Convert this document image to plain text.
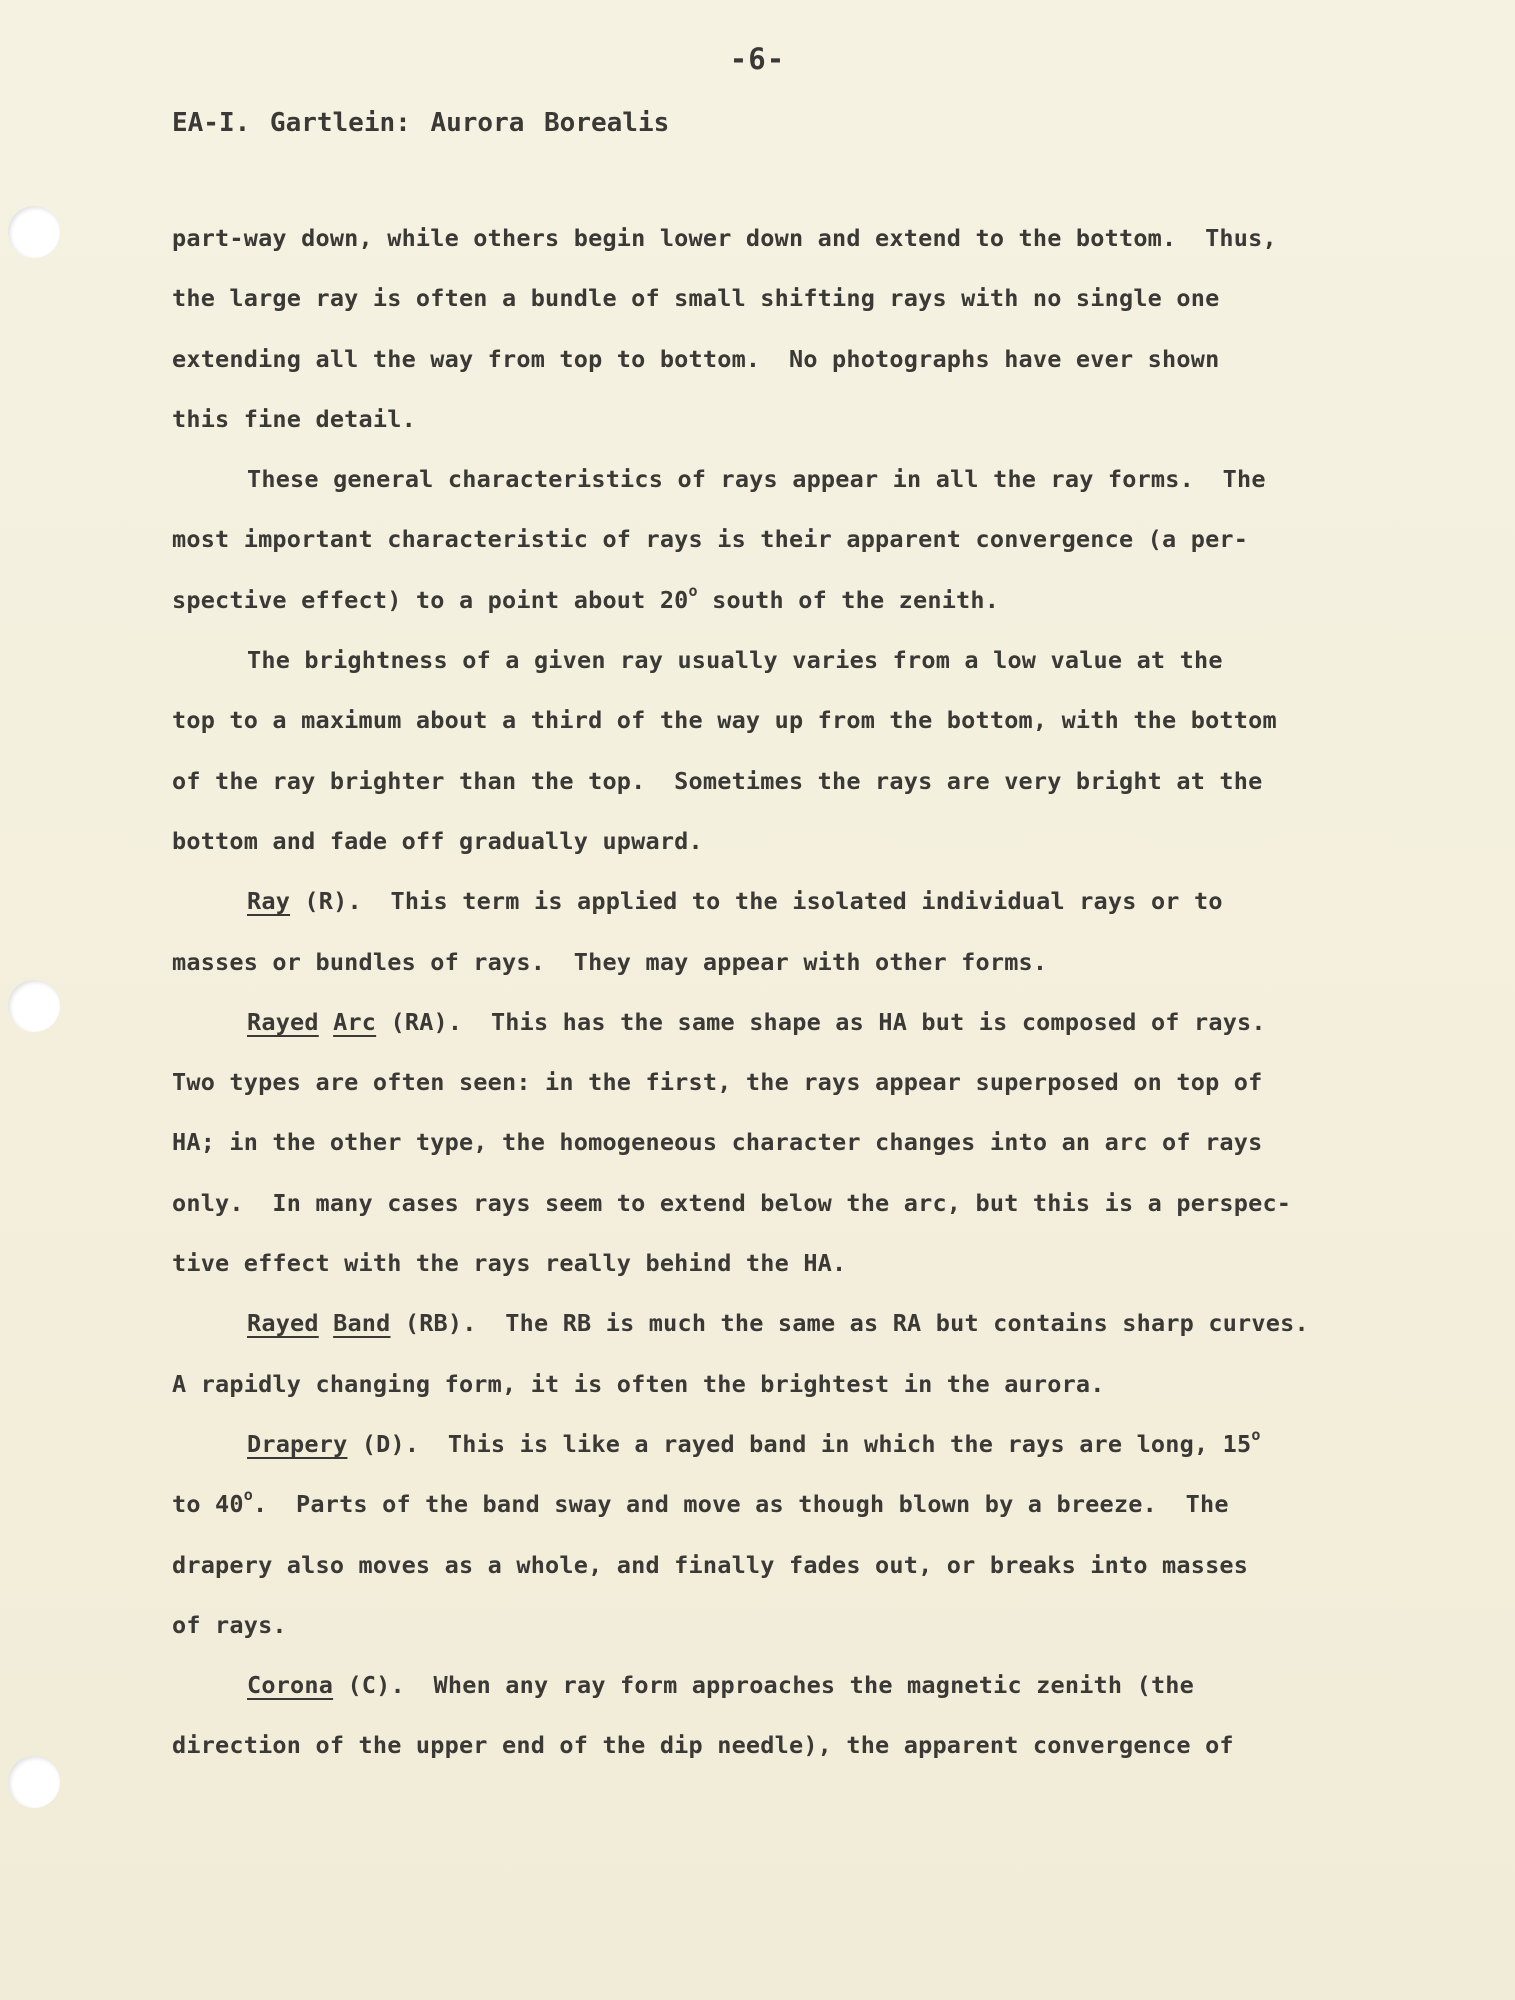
-6-
EA-I. Gartlein: Aurora Borealis
part-way down, while others begin lower down and extend to the bottom.  Thus,
the large ray is often a bundle of small shifting rays with no single one
extending all the way from top to bottom.  No photographs have ever shown
this fine detail.
These general characteristics of rays appear in all the ray forms.  The
most important characteristic of rays is their apparent convergence (a per-
spective effect) to a point about 20$^o$ south of the zenith.
The brightness of a given ray usually varies from a low value at the
top to a maximum about a third of the way up from the bottom, with the bottom
of the ray brighter than the top.  Sometimes the rays are very bright at the
bottom and fade off gradually upward.
Ray (R).  This term is applied to the isolated individual rays or to
masses or bundles of rays.  They may appear with other forms.
Rayed Arc (RA).  This has the same shape as HA but is composed of rays.
Two types are often seen: in the first, the rays appear superposed on top of
HA; in the other type, the homogeneous character changes into an arc of rays
only.  In many cases rays seem to extend below the arc, but this is a perspec-
tive effect with the rays really behind the HA.
Rayed Band (RB).  The RB is much the same as RA but contains sharp curves.
A rapidly changing form, it is often the brightest in the aurora.
Drapery (D).  This is like a rayed band in which the rays are long, 15$^o$
to 40$^o$.  Parts of the band sway and move as though blown by a breeze.  The
drapery also moves as a whole, and finally fades out, or breaks into masses
of rays.
Corona (C).  When any ray form approaches the magnetic zenith (the
direction of the upper end of the dip needle), the apparent convergence of
